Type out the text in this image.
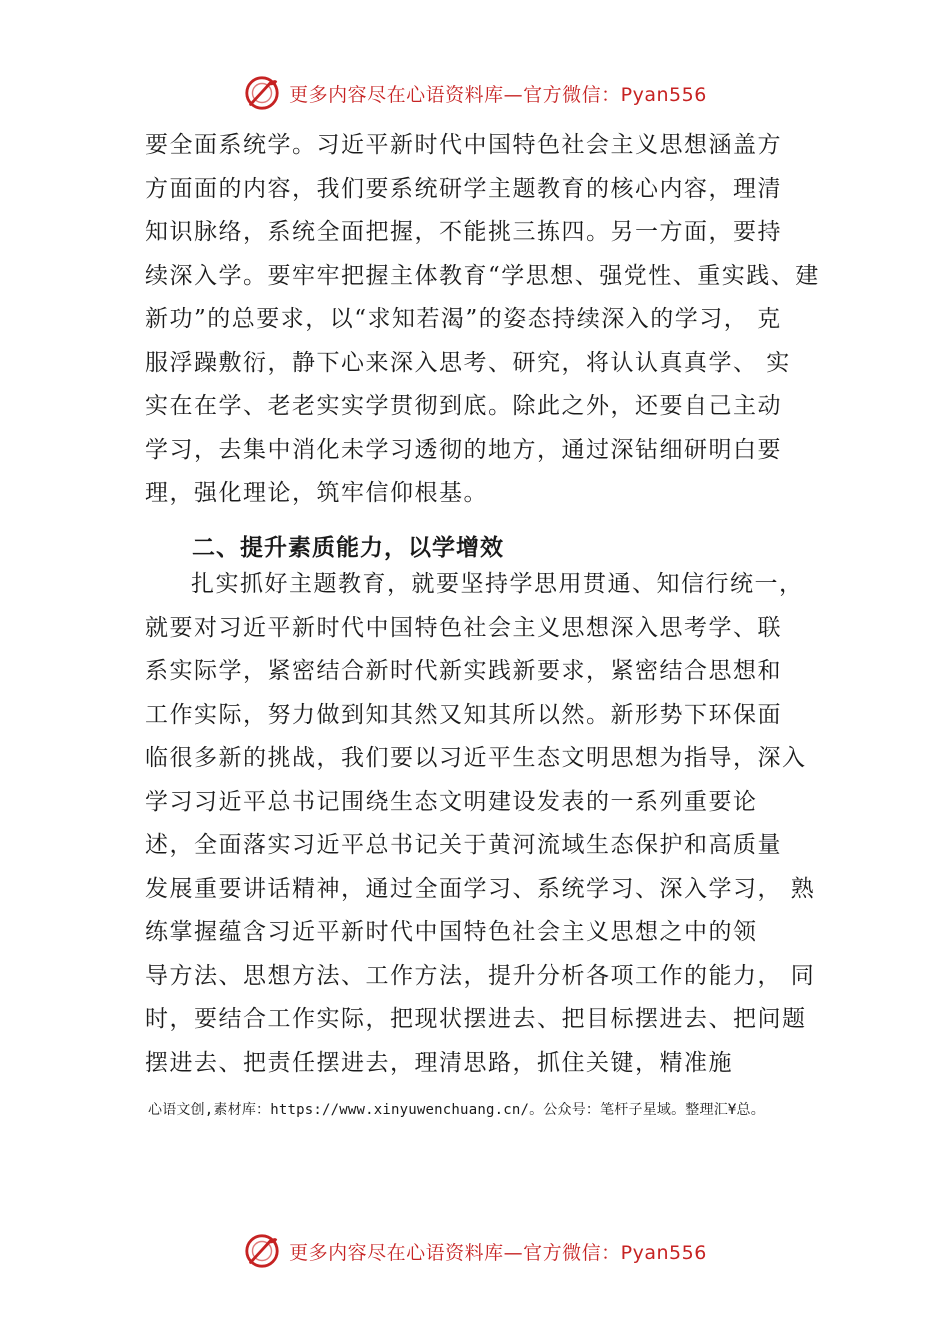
更多内容尽在心语资料库—官方微信：Pyan556
要全面系统学。习近平新时代中国特色社会主义思想涵盖方
方面面的内容，我们要系统研学主题教育的核心内容，理清
知识脉络，系统全面把握，不能挑三拣四。另一方面，要持
续深入学。要牢牢把握主体教育“学思想、强党性、重实践、建
新功”的总要求，以“求知若渴”的姿态持续深入的学习， 克
服浮躁敷衍，静下心来深入思考、研究，将认认真真学、 实
实在在学、老老实实学贯彻到底。除此之外，还要自己主动
学习，去集中消化未学习透彻的地方，通过深钻细研明白要
理，强化理论，筑牢信仰根基。
二、提升素质能力，以学增效
扎实抓好主题教育，就要坚持学思用贯通、知信行统一，
就要对习近平新时代中国特色社会主义思想深入思考学、联
系实际学，紧密结合新时代新实践新要求，紧密结合思想和
工作实际，努力做到知其然又知其所以然。新形势下环保面
临很多新的挑战，我们要以习近平生态文明思想为指导，深入
学习习近平总书记围绕生态文明建设发表的一系列重要论
述，全面落实习近平总书记关于黄河流域生态保护和高质量
发展重要讲话精神，通过全面学习、系统学习、深入学习， 熟
练掌握蕴含习近平新时代中国特色社会主义思想之中的领
导方法、思想方法、工作方法，提升分析各项工作的能力， 同
时，要结合工作实际，把现状摆进去、把目标摆进去、把问题
摆进去、把责任摆进去，理清思路，抓住关键，精准施
心语文创,素材库：https://www.xinyuwenchuang.cn/。公众号：笔杆子星域。整理汇¥总。
更多内容尽在心语资料库—官方微信：Pyan556
